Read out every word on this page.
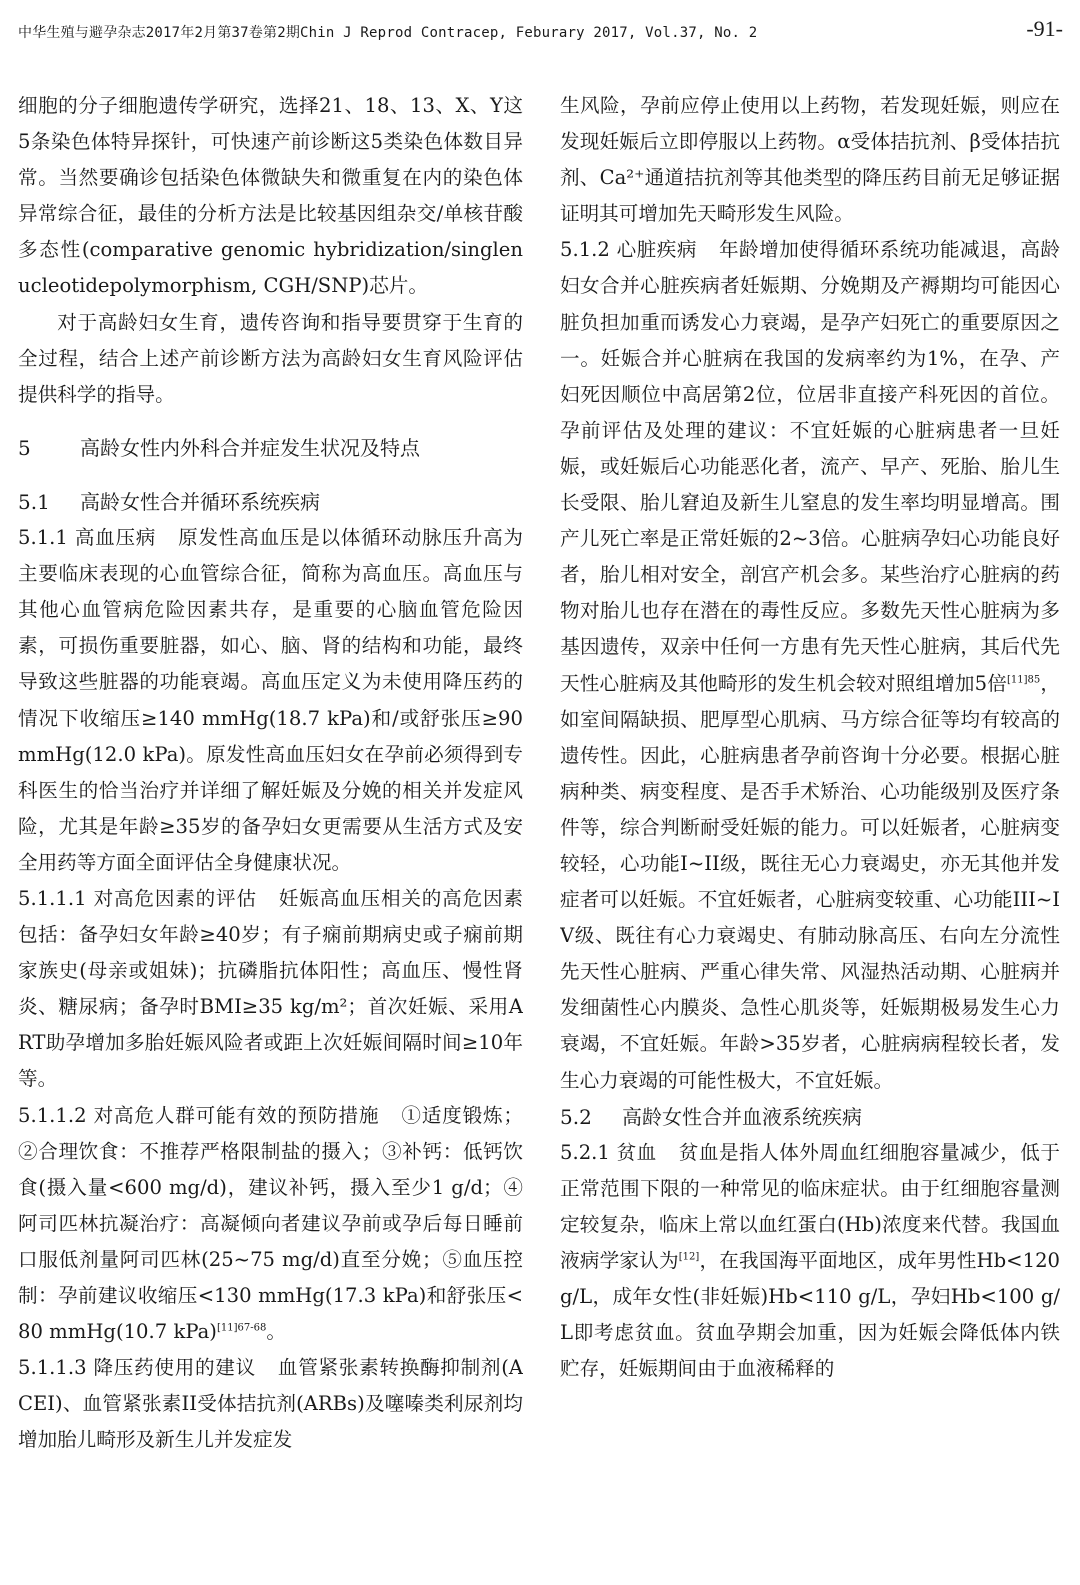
中华生殖与避孕杂志2017年2月第37卷第2期Chin J Reprod Contracep, Feburary 2017, Vol.37, No. 2	-91-

细胞的分子细胞遗传学研究，选择21、18、13、X、Y这5条染色体特异探针，可快速产前诊断这5类染色体数目异常。当然要确诊包括染色体微缺失和微重复在内的染色体异常综合征，最佳的分析方法是比较基因组杂交/单核苷酸多态性(comparative genomic hybridization/singlenucleotidepolymorphism, CGH/SNP)芯片。

对于高龄妇女生育，遗传咨询和指导要贯穿于生育的全过程，结合上述产前诊断方法为高龄妇女生育风险评估提供科学的指导。

5 高龄女性内外科合并症发生状况及特点
5.1 高龄女性合并循环系统疾病

5.1.1 高血压病 原发性高血压是以体循环动脉压升高为主要临床表现的心血管综合征，简称为高血压。高血压与其他心血管病危险因素共存，是重要的心脑血管危险因素，可损伤重要脏器，如心、脑、肾的结构和功能，最终导致这些脏器的功能衰竭。高血压定义为未使用降压药的情况下收缩压≥140 mmHg(18.7 kPa)和/或舒张压≥90 mmHg(12.0 kPa)。原发性高血压妇女在孕前必须得到专科医生的恰当治疗并详细了解妊娠及分娩的相关并发症风险，尤其是年龄≥35岁的备孕妇女更需要从生活方式及安全用药等方面全面评估全身健康状况。

5.1.1.1 对高危因素的评估 妊娠高血压相关的高危因素包括：备孕妇女年龄≥40岁；有子痫前期病史或子痫前期家族史(母亲或姐妹)；抗磷脂抗体阳性；高血压、慢性肾炎、糖尿病；备孕时BMI≥35 kg/m²；首次妊娠、采用ART助孕增加多胎妊娠风险者或距上次妊娠间隔时间≥10年等。

5.1.1.2 对高危人群可能有效的预防措施 ①适度锻炼；②合理饮食：不推荐严格限制盐的摄入；③补钙：低钙饮食(摄入量<600 mg/d)，建议补钙，摄入至少1 g/d；④阿司匹林抗凝治疗：高凝倾向者建议孕前或孕后每日睡前口服低剂量阿司匹林(25~75 mg/d)直至分娩；⑤血压控制：孕前建议收缩压<130 mmHg(17.3 kPa)和舒张压<80 mmHg(10.7 kPa)$^{[11]67-68}$。

5.1.1.3 降压药使用的建议 血管紧张素转换酶抑制剂(ACEI)、血管紧张素II受体拮抗剂(ARBs)及噻嗪类利尿剂均增加胎儿畸形及新生儿并发症发

生风险，孕前应停止使用以上药物，若发现妊娠，则应在发现妊娠后立即停服以上药物。α受体拮抗剂、β受体拮抗剂、Ca²⁺通道拮抗剂等其他类型的降压药目前无足够证据证明其可增加先天畸形发生风险。

5.1.2 心脏疾病 年龄增加使得循环系统功能减退，高龄妇女合并心脏疾病者妊娠期、分娩期及产褥期均可能因心脏负担加重而诱发心力衰竭，是孕产妇死亡的重要原因之一。妊娠合并心脏病在我国的发病率约为1%，在孕、产妇死因顺位中高居第2位，位居非直接产科死因的首位。孕前评估及处理的建议：不宜妊娠的心脏病患者一旦妊娠，或妊娠后心功能恶化者，流产、早产、死胎、胎儿生长受限、胎儿窘迫及新生儿窒息的发生率均明显增高。围产儿死亡率是正常妊娠的2~3倍。心脏病孕妇心功能良好者，胎儿相对安全，剖宫产机会多。某些治疗心脏病的药物对胎儿也存在潜在的毒性反应。多数先天性心脏病为多基因遗传，双亲中任何一方患有先天性心脏病，其后代先天性心脏病及其他畸形的发生机会较对照组增加5倍$^{[11]85}$，如室间隔缺损、肥厚型心肌病、马方综合征等均有较高的遗传性。因此，心脏病患者孕前咨询十分必要。根据心脏病种类、病变程度、是否手术矫治、心功能级别及医疗条件等，综合判断耐受妊娠的能力。可以妊娠者，心脏病变较轻，心功能I~II级，既往无心力衰竭史，亦无其他并发症者可以妊娠。不宜妊娠者，心脏病变较重、心功能III~IV级、既往有心力衰竭史、有肺动脉高压、右向左分流性先天性心脏病、严重心律失常、风湿热活动期、心脏病并发细菌性心内膜炎、急性心肌炎等，妊娠期极易发生心力衰竭，不宜妊娠。年龄>35岁者，心脏病病程较长者，发生心力衰竭的可能性极大，不宜妊娠。

5.2 高龄女性合并血液系统疾病

5.2.1 贫血 贫血是指人体外周血红细胞容量减少，低于正常范围下限的一种常见的临床症状。由于红细胞容量测定较复杂，临床上常以血红蛋白(Hb)浓度来代替。我国血液病学家认为[12]，在我国海平面地区，成年男性Hb<120 g/L，成年女性(非妊娠)Hb<110 g/L，孕妇Hb<100 g/L即考虑贫血。贫血孕期会加重，因为妊娠会降低体内铁贮存，妊娠期间由于血液稀释的
